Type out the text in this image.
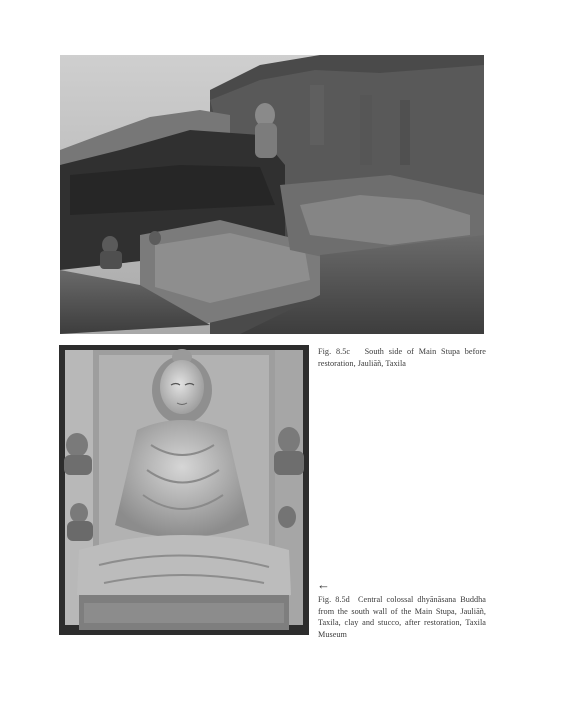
Fig. 8.5c South side of Main Stupa before restoration, Jauliāñ, Taxila
←
Fig. 8.5d Central colossal dhyānāsana Buddha from the south wall of the Main Stupa, Jauliāñ, Taxila, clay and stucco, after restoration, Taxila Museum
